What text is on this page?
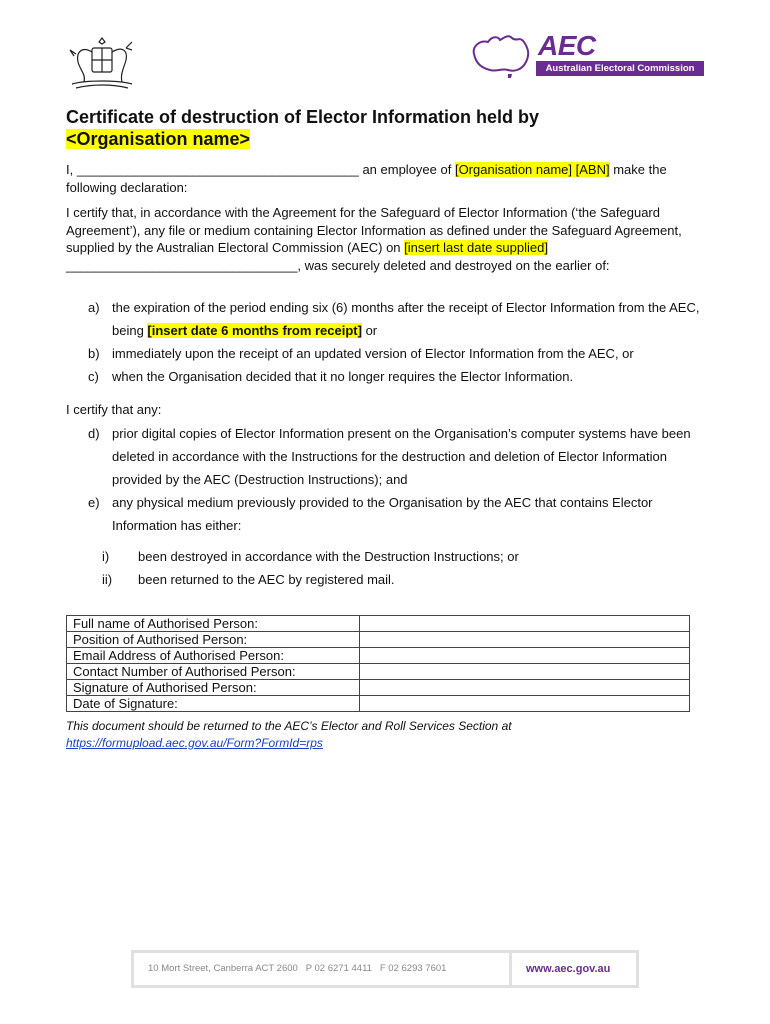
AEC
Australian Electoral Commission
Certificate of destruction of Elector Information held by
<Organisation name>

I, _______________________________________ an employee of [Organisation name] [ABN] make the following declaration:

I certify that, in accordance with the Agreement for the Safeguard of Elector Information (‘the Safeguard Agreement’), any file or medium containing Elector Information as defined under the Safeguard Agreement, supplied by the Australian Electoral Commission (AEC) on [insert last date supplied] ________________________________, was securely deleted and destroyed on the earlier of:

a) the expiration of the period ending six (6) months after the receipt of Elector Information from the AEC, being [insert date 6 months from receipt] or
b) immediately upon the receipt of an updated version of Elector Information from the AEC, or
c) when the Organisation decided that it no longer requires the Elector Information.

I certify that any:

d) prior digital copies of Elector Information present on the Organisation’s computer systems have been deleted in accordance with the Instructions for the destruction and deletion of Elector Information provided by the AEC (Destruction Instructions); and
e) any physical medium previously provided to the Organisation by the AEC that contains Elector Information has either:
i) been destroyed in accordance with the Destruction Instructions; or
ii) been returned to the AEC by registered mail.
Full name of Authorised Person:	
Position of Authorised Person:	
Email Address of Authorised Person:	
Contact Number of Authorised Person:	
Signature of Authorised Person:	
Date of Signature:	

This document should be returned to the AEC’s Elector and Roll Services Section at
https://formupload.aec.gov.au/Form?FormId=rps

10 Mort Street, Canberra ACT 2600 P 02 6271 4411 F 02 6293 7601	www.aec.gov.au
